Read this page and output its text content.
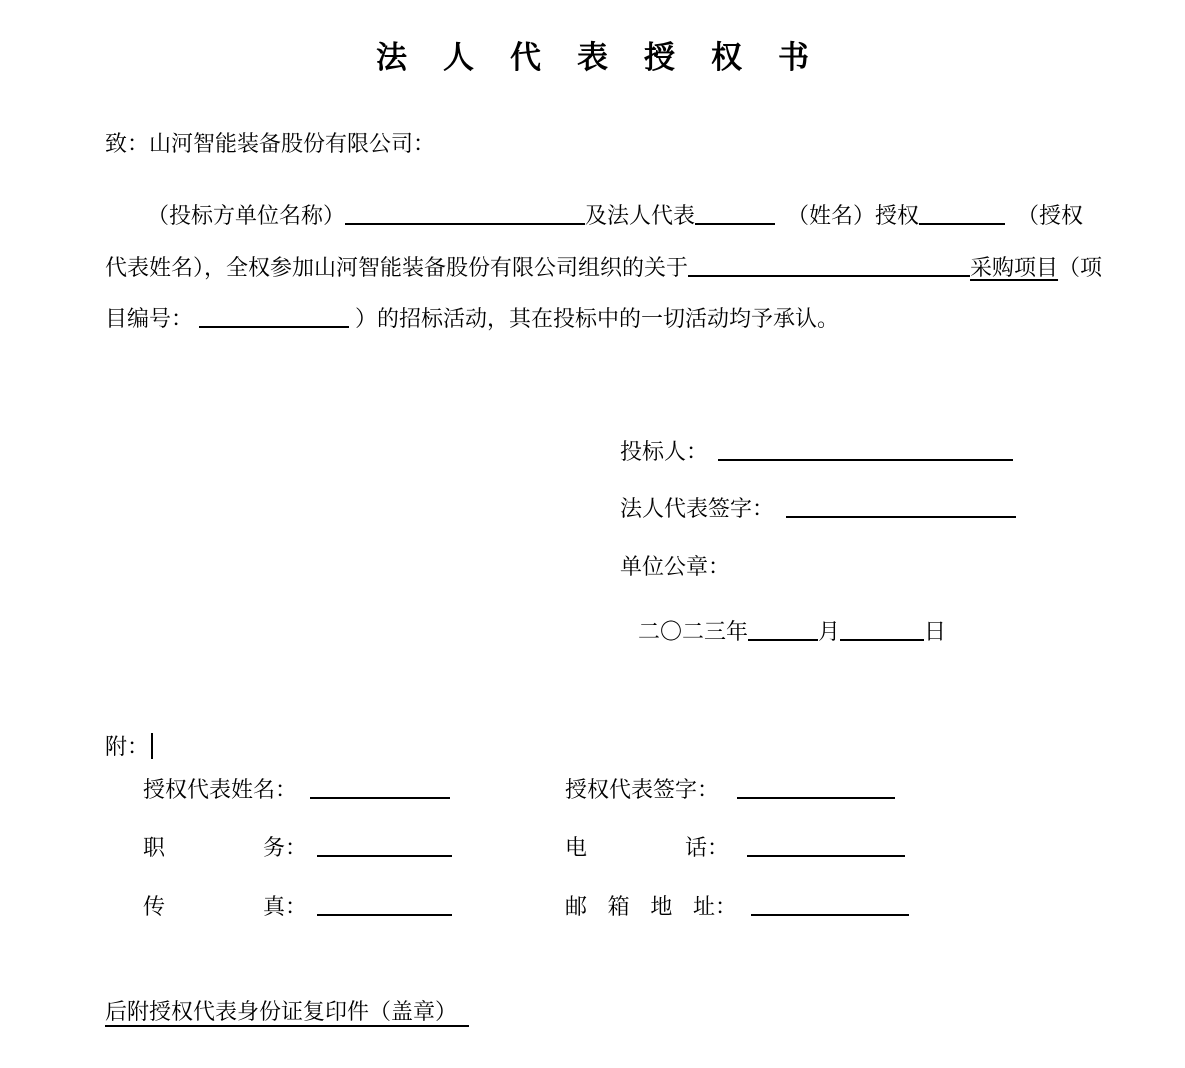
法人代表授权书
致：山河智能装备股份有限公司：
（投标方单位名称）	及法人代表	（姓名）授权	（授权
代表姓名），全权参加山河智能装备股份有限公司组织的关于	采购项目（项
目编号：	）的招标活动，其在投标中的一切活动均予承认。
投标人：
法人代表签字：
单位公章：
二〇二三年	月	日
附：
授权代表姓名：	授权代表签字：
职	务：	电	话：
传	真：	邮 箱 地 址：
后附授权代表身份证复印件（盖章）
